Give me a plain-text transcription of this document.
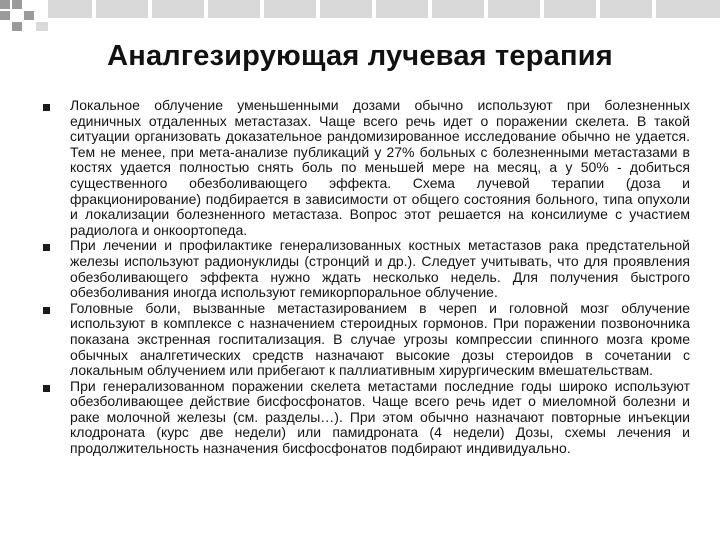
Аналгезирующая лучевая терапия
Локальное облучение уменьшенными дозами обычно используют при болезненных единичных отдаленных метастазах. Чаще всего речь идет о поражении скелета. В такой ситуации организовать доказательное рандомизированное исследование обычно не удается. Тем не менее, при мета-анализе публикаций у 27% больных с болезненными метастазами в костях удается полностью снять боль по меньшей мере на месяц, а у 50% - добиться существенного обезболивающего эффекта. Схема лучевой терапии (доза и фракционирование) подбирается в зависимости от общего состояния больного, типа опухоли и локализации болезненного метастаза. Вопрос этот решается на консилиуме с участием радиолога и онкоортопеда.
При лечении и профилактике генерализованных костных метастазов рака предстательной железы используют радионуклиды (стронций и др.). Следует учитывать, что для проявления обезболивающего эффекта нужно ждать несколько недель. Для получения быстрого обезболивания иногда используют гемикорпоральное облучение.
Головные боли, вызванные метастазированием в череп и головной мозг облучение используют в комплексе с назначением стероидных гормонов. При поражении позвоночника показана экстренная госпитализация. В случае угрозы компрессии спинного мозга кроме обычных аналгетических средств назначают высокие дозы стероидов в сочетании с локальным облучением или прибегают к паллиативным хирургическим вмешательствам.
При генерализованном поражении скелета метастами последние годы широко используют обезболивающее действие бисфосфонатов. Чаще всего речь идет о миеломной болезни и раке молочной железы (см. разделы…). При этом обычно назначают повторные инъекции клодроната (курс две недели) или памидроната (4 недели) Дозы, схемы лечения и продолжительность назначения бисфосфонатов подбирают индивидуально.
